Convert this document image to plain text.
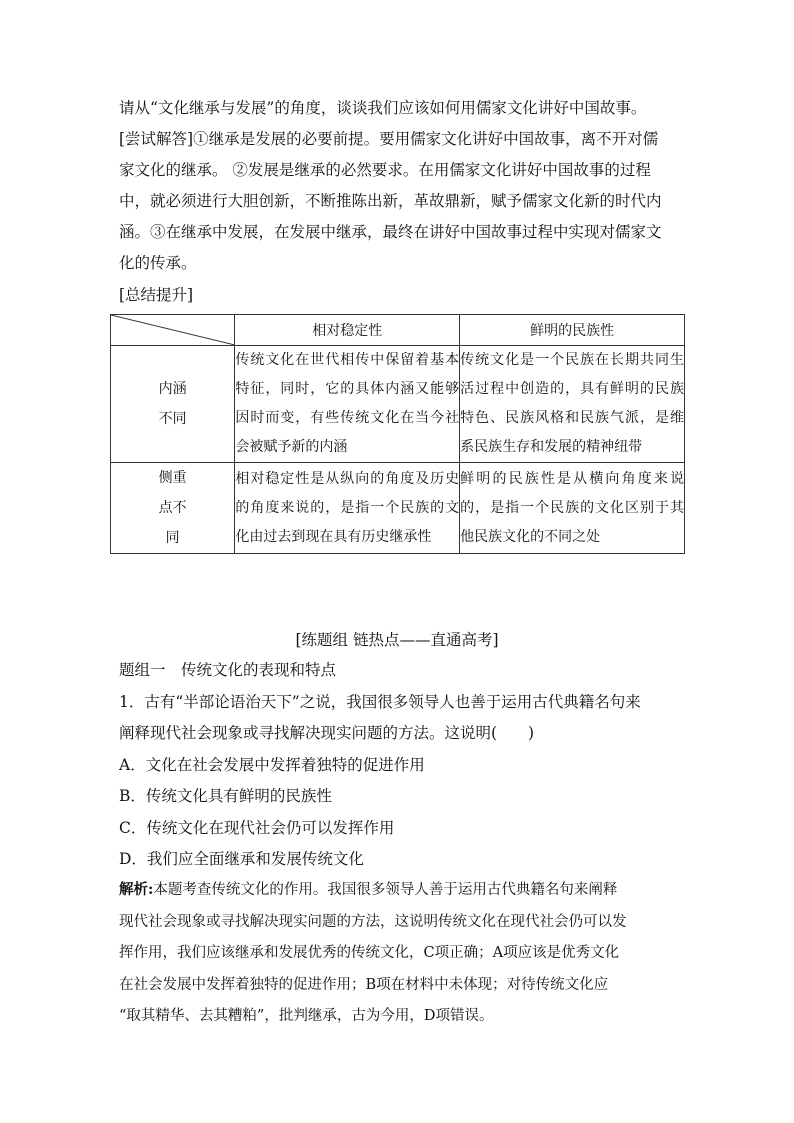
请从“文化继承与发展”的角度，谈谈我们应该如何用儒家文化讲好中国故事。

[尝试解答]①继承是发展的必要前提。要用儒家文化讲好中国故事，离不开对儒

家文化的继承。 ②发展是继承的必然要求。在用儒家文化讲好中国故事的过程

中，就必须进行大胆创新，不断推陈出新，革故鼎新，赋予儒家文化新的时代内

涵。③在继承中发展，在发展中继承，最终在讲好中国故事过程中实现对儒家文

化的传承。

[总结提升]
	相对稳定性	鲜明的民族性

内涵
不同	传统文化在世代相传中保留着基本特征，同时，它的具体内涵又能够因时而变，有些传统文化在当今社会被赋予新的内涵	传统文化是一个民族在长期共同生活过程中创造的，具有鲜明的民族特色、民族风格和民族气派，是维系民族生存和发展的精神纽带

侧重
点不
同	相对稳定性是从纵向的角度及历史的角度来说的，是指一个民族的文化由过去到现在具有历史继承性	鲜明的民族性是从横向角度来说的，是指一个民族的文化区别于其他民族文化的不同之处
[练题组 链热点——直通高考]

题组一　传统文化的表现和特点

1．古有“半部论语治天下”之说，我国很多领导人也善于运用古代典籍名句来

阐释现代社会现象或寻找解决现实问题的方法。这说明(　　)

A．文化在社会发展中发挥着独特的促进作用

B．传统文化具有鲜明的民族性

C．传统文化在现代社会仍可以发挥作用

D．我们应全面继承和发展传统文化

解析:本题考查传统文化的作用。我国很多领导人善于运用古代典籍名句来阐释
现代社会现象或寻找解决现实问题的方法，这说明传统文化在现代社会仍可以发
挥作用，我们应该继承和发展优秀的传统文化，C项正确；A项应该是优秀文化
在社会发展中发挥着独特的促进作用；B项在材料中未体现；对待传统文化应
“取其精华、去其糟粕”，批判继承，古为今用，D项错误。
